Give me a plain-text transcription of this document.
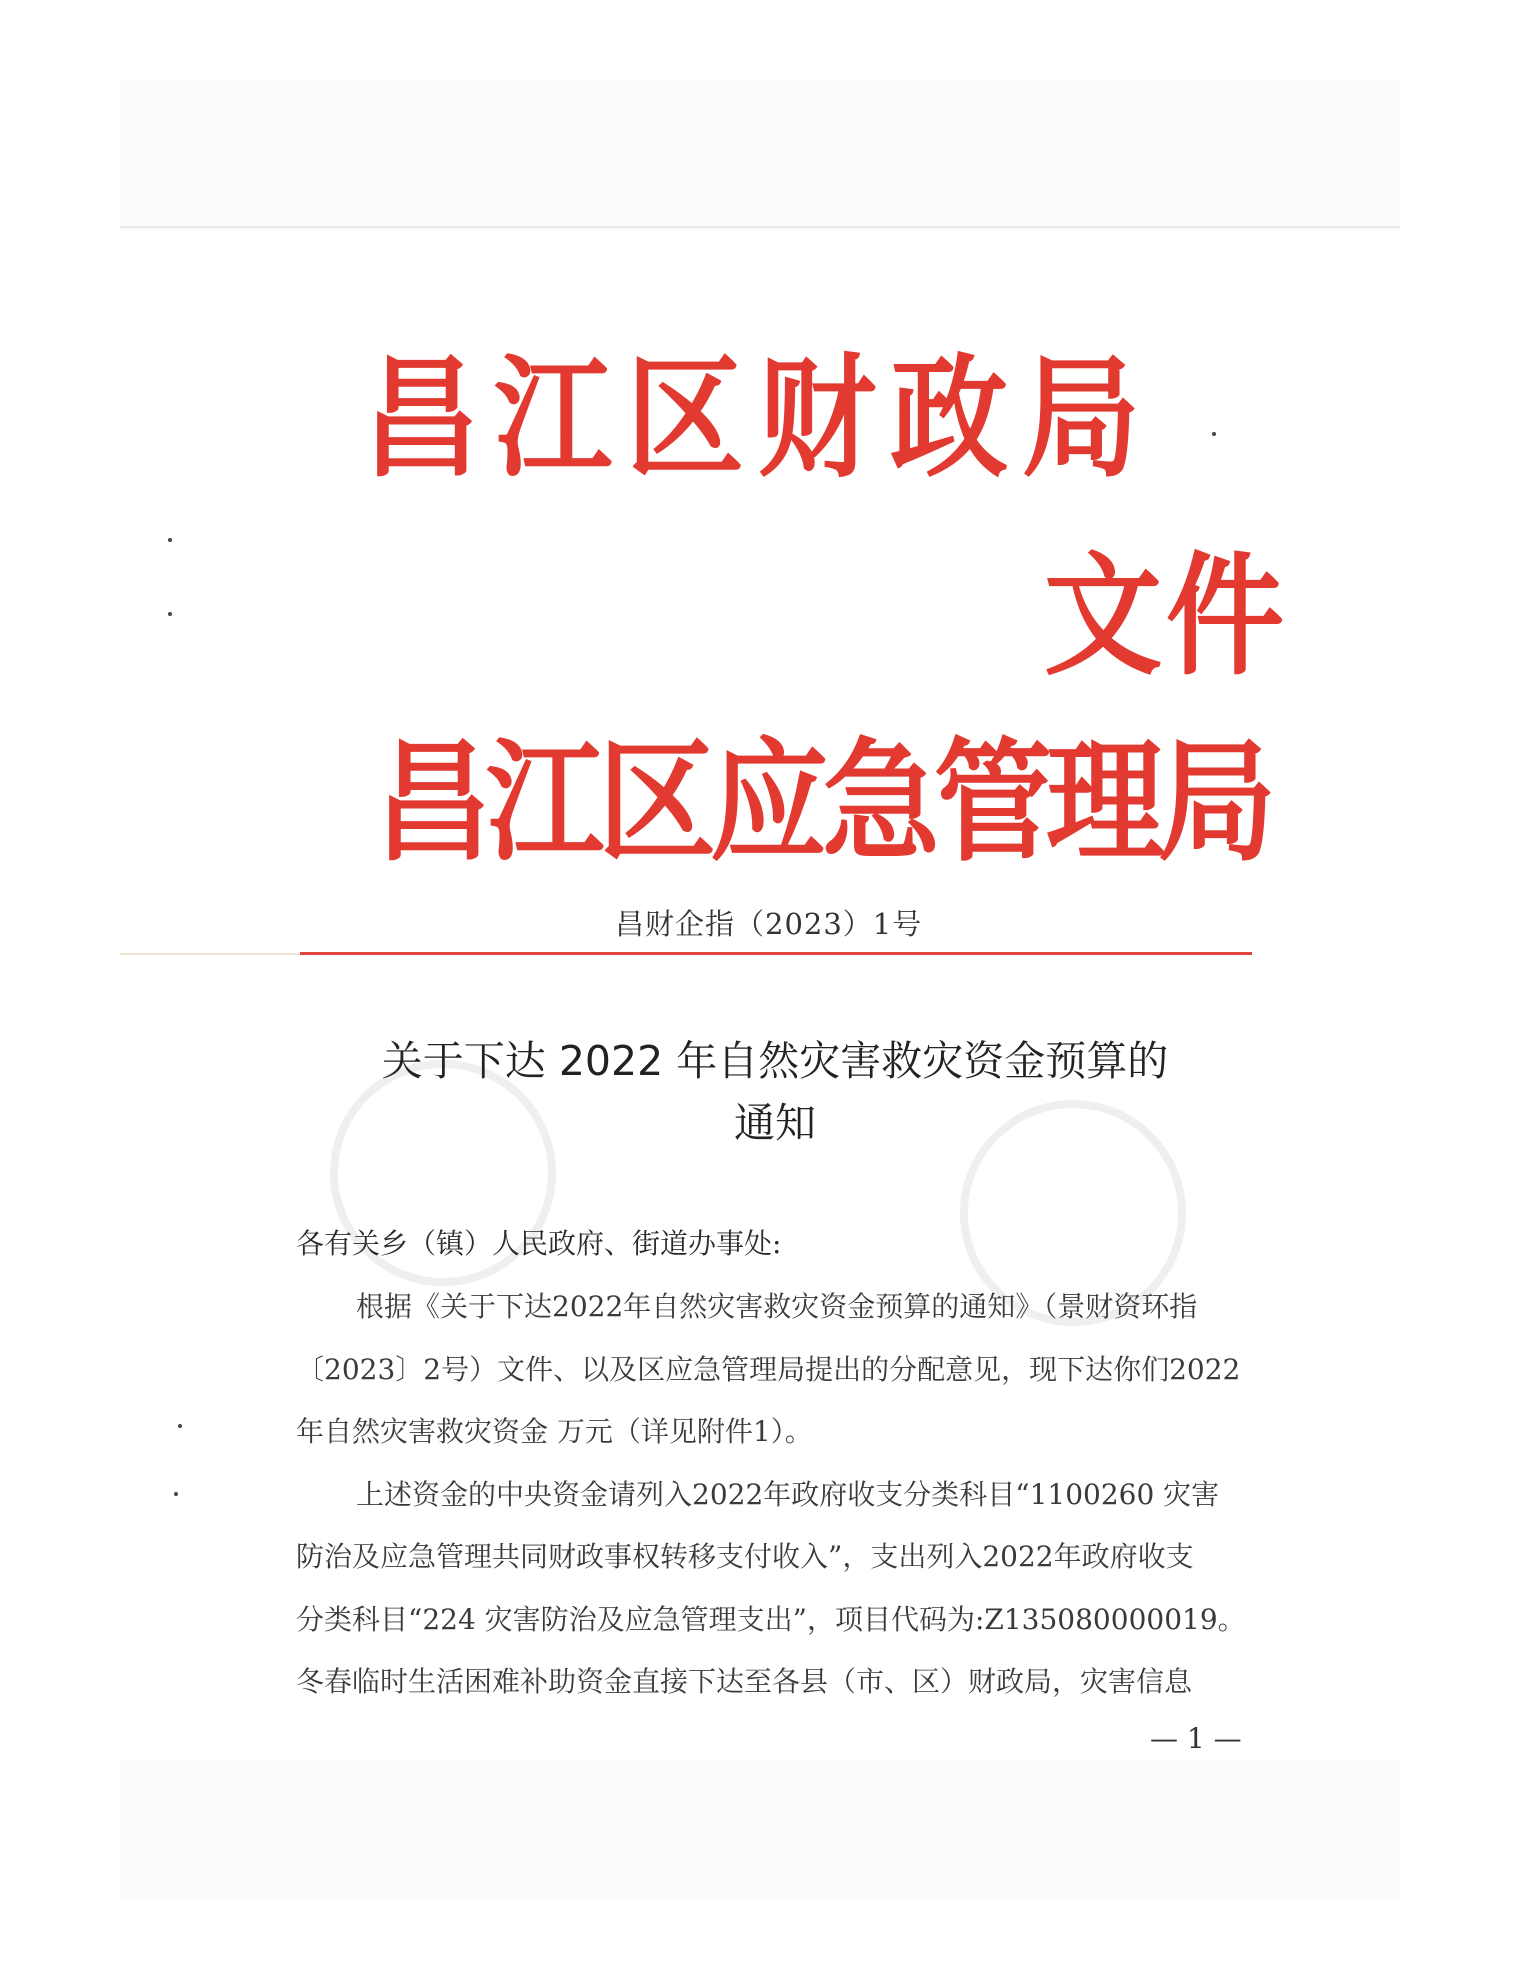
昌江区财政局
文件
昌江区应急管理局
昌财企指（2023）1号
关于下达 2022 年自然灾害救灾资金预算的
通知
各有关乡（镇）人民政府、街道办事处:
根据《关于下达2022年自然灾害救灾资金预算的通知》（景财资环指
〔2023〕2号）文件、以及区应急管理局提出的分配意见，现下达你们2022
年自然灾害救灾资金 万元（详见附件1）。
上述资金的中央资金请列入2022年政府收支分类科目“1100260 灾害
防治及应急管理共同财政事权转移支付收入”，支出列入2022年政府收支
分类科目“224 灾害防治及应急管理支出”，项目代码为:Z135080000019。
冬春临时生活困难补助资金直接下达至各县（市、区）财政局，灾害信息
— 1 —
